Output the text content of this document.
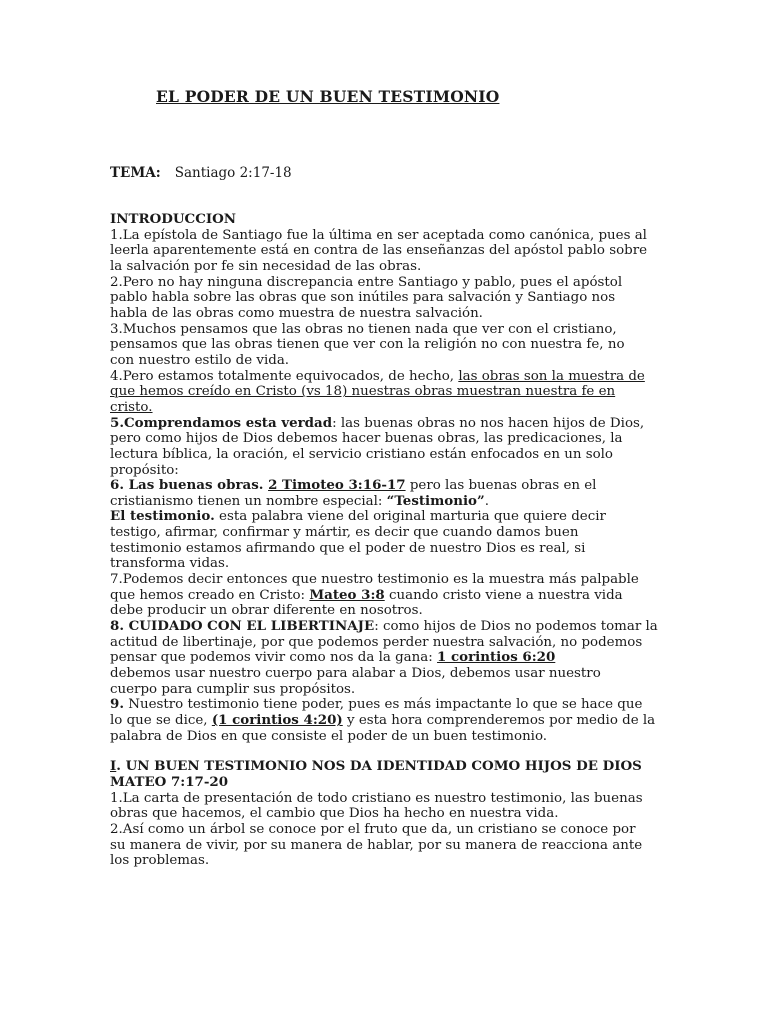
EL PODER DE UN BUEN TESTIMONIO
TEMA: Santiago 2:17-18

INTRODUCCION

1.La epístola de Santiago fue la última en ser aceptada como canónica, pues al

leerla aparentemente está en contra de las enseñanzas del apóstol pablo sobre

la salvación por fe sin necesidad de las obras.

2.Pero no hay ninguna discrepancia entre Santiago y pablo, pues el apóstol

pablo habla sobre las obras que son inútiles para salvación y Santiago nos

habla de las obras como muestra de nuestra salvación.

3.Muchos pensamos que las obras no tienen nada que ver con el cristiano,

pensamos que las obras tienen que ver con la religión no con nuestra fe, no

con nuestro estilo de vida.

4.Pero estamos totalmente equivocados, de hecho, las obras son la muestra de

que hemos creído en Cristo (vs 18) nuestras obras muestran nuestra fe en

cristo.

5.Comprendamos esta verdad: las buenas obras no nos hacen hijos de Dios,

pero como hijos de Dios debemos hacer buenas obras, las predicaciones, la

lectura bíblica, la oración, el servicio cristiano están enfocados en un solo

propósito:

6. Las buenas obras. 2 Timoteo 3:16-17 pero las buenas obras en el

cristianismo tienen un nombre especial: “Testimonio”.

El testimonio. esta palabra viene del original marturia que quiere decir

testigo, afirmar, confirmar y mártir, es decir que cuando damos buen

testimonio estamos afirmando que el poder de nuestro Dios es real, si

transforma vidas.

7.Podemos decir entonces que nuestro testimonio es la muestra más palpable

que hemos creado en Cristo: Mateo 3:8 cuando cristo viene a nuestra vida

debe producir un obrar diferente en nosotros.

8. CUIDADO CON EL LIBERTINAJE: como hijos de Dios no podemos tomar la

actitud de libertinaje, por que podemos perder nuestra salvación, no podemos

pensar que podemos vivir como nos da la gana: 1 corintios 6:20

debemos usar nuestro cuerpo para alabar a Dios, debemos usar nuestro

cuerpo para cumplir sus propósitos.

9. Nuestro testimonio tiene poder, pues es más impactante lo que se hace que

lo que se dice, (1 corintios 4:20) y esta hora comprenderemos por medio de la

palabra de Dios en que consiste el poder de un buen testimonio.

I. UN BUEN TESTIMONIO NOS DA IDENTIDAD COMO HIJOS DE DIOS

MATEO 7:17-20

1.La carta de presentación de todo cristiano es nuestro testimonio, las buenas

obras que hacemos, el cambio que Dios ha hecho en nuestra vida.

2.Así como un árbol se conoce por el fruto que da, un cristiano se conoce por

su manera de vivir, por su manera de hablar, por su manera de reacciona ante

los problemas.
